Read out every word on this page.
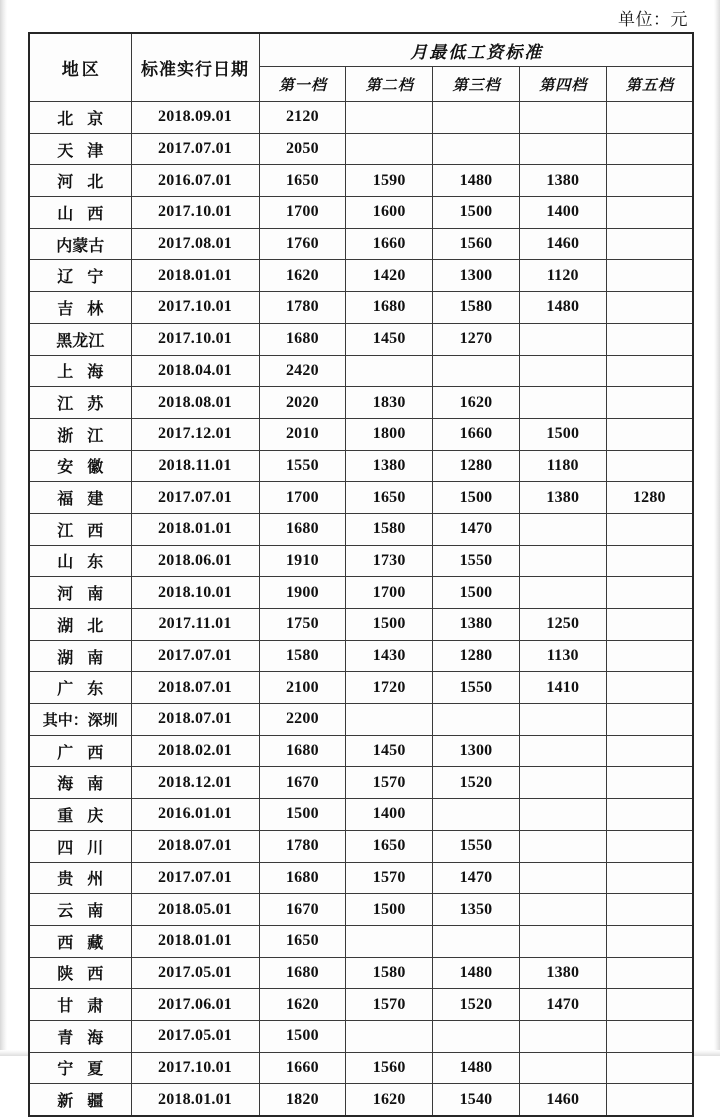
单位：元
地区	标准实行日期	月最低工资标准				
		第一档	第二档	第三档	第四档	第五档
北京	2018.09.01	2120				
天津	2017.07.01	2050				
河北	2016.07.01	1650	1590	1480	1380	
山西	2017.10.01	1700	1600	1500	1400	
内蒙古	2017.08.01	1760	1660	1560	1460	
辽宁	2018.01.01	1620	1420	1300	1120	
吉林	2017.10.01	1780	1680	1580	1480	
黑龙江	2017.10.01	1680	1450	1270		
上海	2018.04.01	2420				
江苏	2018.08.01	2020	1830	1620		
浙江	2017.12.01	2010	1800	1660	1500	
安徽	2018.11.01	1550	1380	1280	1180	
福建	2017.07.01	1700	1650	1500	1380	1280
江西	2018.01.01	1680	1580	1470		
山东	2018.06.01	1910	1730	1550		
河南	2018.10.01	1900	1700	1500		
湖北	2017.11.01	1750	1500	1380	1250	
湖南	2017.07.01	1580	1430	1280	1130	
广东	2018.07.01	2100	1720	1550	1410	
其中：深圳	2018.07.01	2200				
广西	2018.02.01	1680	1450	1300		
海南	2018.12.01	1670	1570	1520		
重庆	2016.01.01	1500	1400			
四川	2018.07.01	1780	1650	1550		
贵州	2017.07.01	1680	1570	1470		
云南	2018.05.01	1670	1500	1350		
西藏	2018.01.01	1650				
陕西	2017.05.01	1680	1580	1480	1380	
甘肃	2017.06.01	1620	1570	1520	1470	
青海	2017.05.01	1500				
宁夏	2017.10.01	1660	1560	1480		
新疆	2018.01.01	1820	1620	1540	1460	
